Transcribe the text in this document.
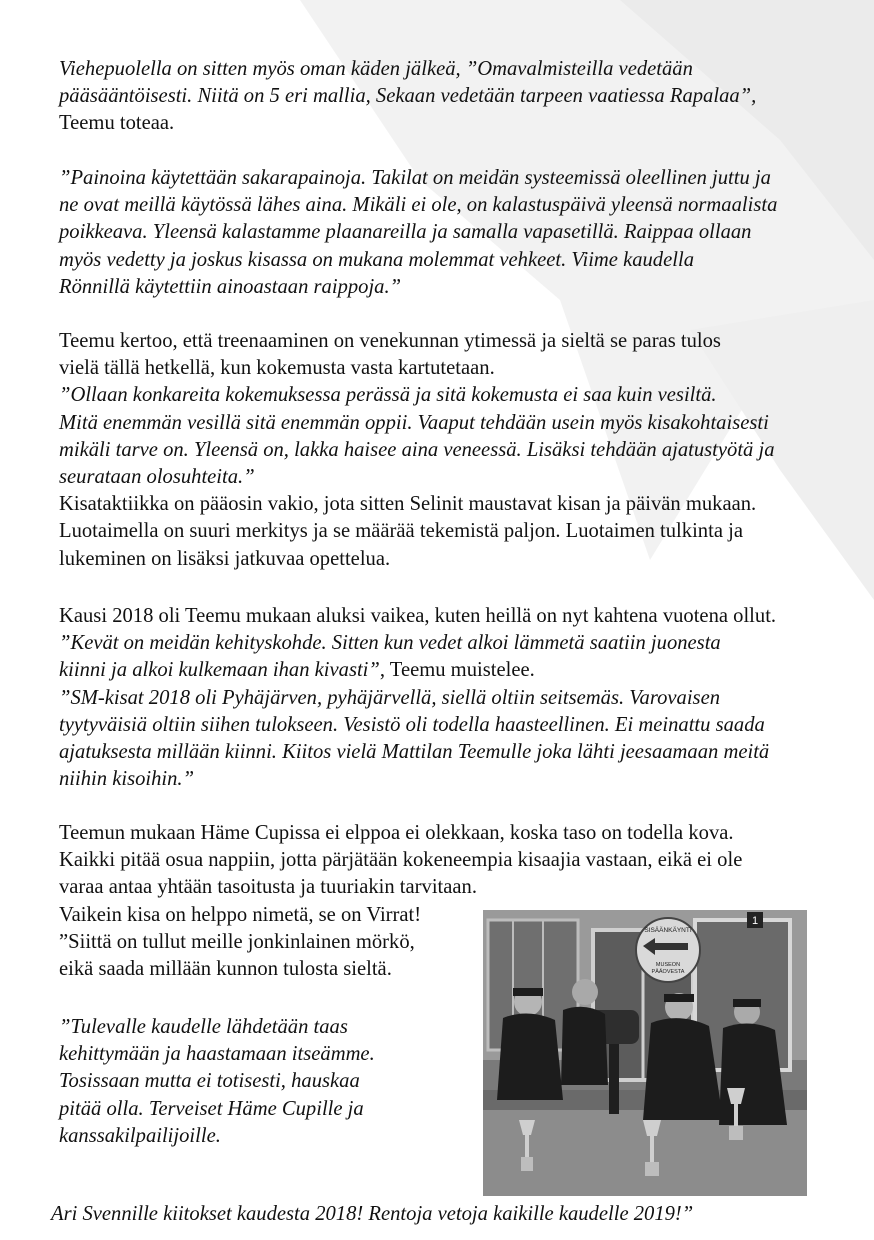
Viehepuolella on sitten myös oman käden jälkeä, ”Omavalmisteilla vedetään
pääsääntöisesti. Niitä on 5 eri mallia, Sekaan vedetään tarpeen vaatiessa Rapalaa”,
Teemu toteaa.

”Painoina käytettään sakarapainoja. Takilat on meidän systeemissä oleellinen juttu ja
ne ovat meillä käytössä lähes aina. Mikäli ei ole, on kalastuspäivä yleensä normaalista
poikkeava. Yleensä kalastamme plaanareilla ja samalla vapasetillä. Raippaa ollaan
myös vedetty ja joskus kisassa on mukana molemmat vehkeet. Viime kaudella
Rönnillä käytettiin ainoastaan raippoja.”

Teemu kertoo, että treenaaminen on venekunnan ytimessä ja sieltä se paras tulos
vielä tällä hetkellä, kun kokemusta vasta kartutetaan.
”Ollaan konkareita kokemuksessa perässä ja sitä kokemusta ei saa kuin vesiltä.
Mitä enemmän vesillä sitä enemmän oppii. Vaaput tehdään usein myös kisakohtaisesti
mikäli tarve on. Yleensä on, lakka haisee aina veneessä. Lisäksi tehdään ajatustyötä ja
seurataan olosuhteita.”
Kisataktiikka on pääosin vakio, jota sitten Selinit maustavat kisan ja päivän mukaan.
Luotaimella on suuri merkitys ja se määrää tekemistä paljon. Luotaimen tulkinta ja
lukeminen on lisäksi jatkuvaa opettelua.

Kausi 2018 oli Teemu mukaan aluksi vaikea, kuten heillä on nyt kahtena vuotena ollut.
”Kevät on meidän kehityskohde. Sitten kun vedet alkoi lämmetä saatiin juonesta
kiinni ja alkoi kulkemaan ihan kivasti”, Teemu muistelee.
”SM-kisat 2018 oli Pyhäjärven, pyhäjärvellä, siellä oltiin seitsemäs. Varovaisen
tyytyväisiä oltiin siihen tulokseen. Vesistö oli todella haasteellinen. Ei meinattu saada
ajatuksesta millään kiinni. Kiitos vielä Mattilan Teemulle joka lähti jeesaamaan meitä
niihin kisoihin.”

Teemun mukaan Häme Cupissa ei elppoa ei olekkaan, koska taso on todella kova.
Kaikki pitää osua nappiin, jotta pärjätään kokeneempia kisaajia vastaan, eikä ei ole
varaa antaa yhtään tasoitusta ja tuuriakin tarvitaan.
Vaikein kisa on helppo nimetä, se on Virrat!
”Siittä on tullut meille jonkinlainen mörkö,
eikä saada millään kunnon tulosta sieltä.

”Tulevalle kaudelle lähdetään taas
kehittymään ja haastamaan itseämme.
Tosissaan mutta ei totisesti, hauskaa
pitää olla. Terveiset Häme Cupille ja
kanssakilpailijoille.

SISÄÄNKÄYNTI
MUSEON
PÄÄOVESTA
1
Ari Svennille kiitokset kaudesta 2018! Rentoja vetoja kaikille kaudelle 2019!”
